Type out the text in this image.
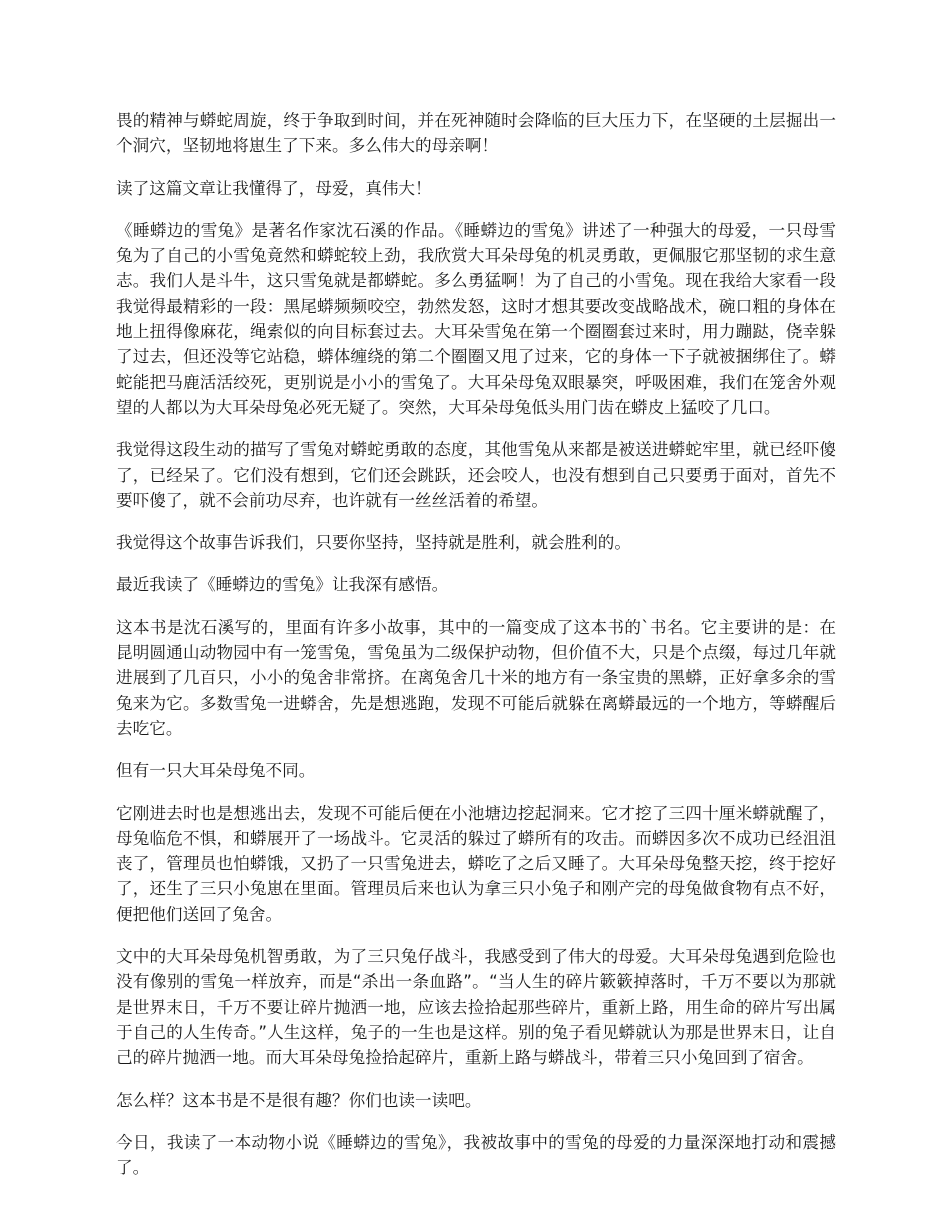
畏的精神与蟒蛇周旋，终于争取到时间，并在死神随时会降临的巨大压力下，在坚硬的土层掘出一个洞穴，坚韧地将崽生了下来。多么伟大的母亲啊！

读了这篇文章让我懂得了，母爱，真伟大！

《睡蟒边的雪兔》是著名作家沈石溪的作品。《睡蟒边的雪兔》讲述了一种强大的母爱，一只母雪兔为了自己的小雪兔竟然和蟒蛇较上劲，我欣赏大耳朵母兔的机灵勇敢，更佩服它那坚韧的求生意志。我们人是斗牛，这只雪兔就是都蟒蛇。多么勇猛啊！为了自己的小雪兔。现在我给大家看一段我觉得最精彩的一段：黑尾蟒频频咬空，勃然发怒，这时才想其要改变战略战术，碗口粗的身体在地上扭得像麻花，绳索似的向目标套过去。大耳朵雪兔在第一个圈圈套过来时，用力蹦跶，侥幸躲了过去，但还没等它站稳，蟒体缠绕的第二个圈圈又甩了过来，它的身体一下子就被捆绑住了。蟒蛇能把马鹿活活绞死，更别说是小小的雪兔了。大耳朵母兔双眼暴突，呼吸困难，我们在笼舍外观望的人都以为大耳朵母兔必死无疑了。突然，大耳朵母兔低头用门齿在蟒皮上猛咬了几口。

我觉得这段生动的描写了雪兔对蟒蛇勇敢的态度，其他雪兔从来都是被送进蟒蛇牢里，就已经吓傻了，已经呆了。它们没有想到，它们还会跳跃，还会咬人，也没有想到自己只要勇于面对，首先不要吓傻了，就不会前功尽弃，也许就有一丝丝活着的希望。

我觉得这个故事告诉我们，只要你坚持，坚持就是胜利，就会胜利的。

最近我读了《睡蟒边的雪兔》让我深有感悟。

这本书是沈石溪写的，里面有许多小故事，其中的一篇变成了这本书的`书名。它主要讲的是：在昆明圆通山动物园中有一笼雪兔，雪兔虽为二级保护动物，但价值不大，只是个点缀，每过几年就进展到了几百只，小小的兔舍非常挤。在离兔舍几十米的地方有一条宝贵的黑蟒，正好拿多余的雪兔来为它。多数雪兔一进蟒舍，先是想逃跑，发现不可能后就躲在离蟒最远的一个地方，等蟒醒后去吃它。

但有一只大耳朵母兔不同。

它刚进去时也是想逃出去，发现不可能后便在小池塘边挖起洞来。它才挖了三四十厘米蟒就醒了，母兔临危不惧，和蟒展开了一场战斗。它灵活的躲过了蟒所有的攻击。而蟒因多次不成功已经沮沮丧了，管理员也怕蟒饿，又扔了一只雪兔进去，蟒吃了之后又睡了。大耳朵母兔整天挖，终于挖好了，还生了三只小兔崽在里面。管理员后来也认为拿三只小兔子和刚产完的母兔做食物有点不好，便把他们送回了兔舍。

文中的大耳朵母兔机智勇敢，为了三只兔仔战斗，我感受到了伟大的母爱。大耳朵母兔遇到危险也没有像别的雪兔一样放弃，而是“杀出一条血路”。“当人生的碎片簌簌掉落时，千万不要以为那就是世界末日，千万不要让碎片抛洒一地，应该去捡拾起那些碎片，重新上路，用生命的碎片写出属于自己的人生传奇。”人生这样，兔子的一生也是这样。别的兔子看见蟒就认为那是世界末日，让自己的碎片抛洒一地。而大耳朵母兔捡拾起碎片，重新上路与蟒战斗，带着三只小兔回到了宿舍。

怎么样？这本书是不是很有趣？你们也读一读吧。

今日，我读了一本动物小说《睡蟒边的雪兔》，我被故事中的雪兔的母爱的力量深深地打动和震撼了。
